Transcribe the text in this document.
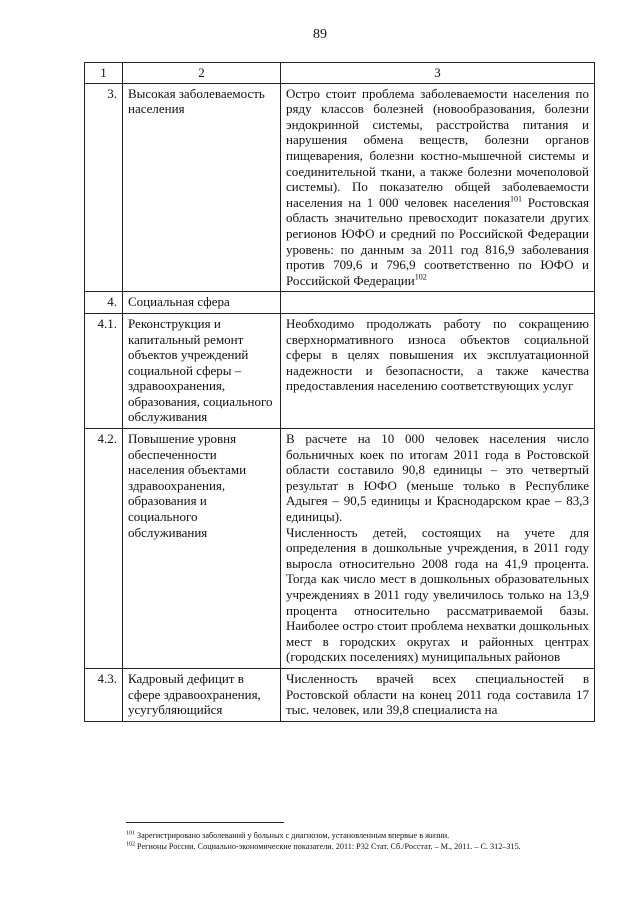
89
1	2	3
3.	Высокая заболеваемость населения	Остро стоит проблема заболеваемости населения по ряду классов болезней (новообразования, болезни эндокринной системы, расстройства питания и нарушения обмена веществ, болезни органов пищеварения, болезни костно-мышечной системы и соединительной ткани, а также болезни мочеполовой системы). По показателю общей заболеваемости населения на 1 000 человек населения$^{101}$ Ростовская область значительно превосходит показатели других регионов ЮФО и средний по Российской Федерации уровень: по данным за 2011 год 816,9 заболевания против 709,6 и 796,9 соответственно по ЮФО и Российской Федерации$^{102}$
4.	Социальная сфера	
4.1.	Реконструкция и капитальный ремонт объектов учреждений социальной сферы – здравоохранения, образования, социального обслуживания	Необходимо продолжать работу по сокращению сверхнормативного износа объектов социальной сферы в целях повышения их эксплуатационной надежности и безопасности, а также качества предоставления населению соответствующих услуг
4.2.	Повышение уровня обеспеченности населения объектами здравоохранения, образования и социального обслуживания	В расчете на 10 000 человек населения число больничных коек по итогам 2011 года в Ростовской области составило 90,8 единицы – это четвертый результат в ЮФО (меньше только в Республике Адыгея – 90,5 единицы и Краснодарском крае – 83,3 единицы).

Численность детей, состоящих на учете для определения в дошкольные учреждения, в 2011 году выросла относительно 2008 года на 41,9 процента. Тогда как число мест в дошкольных образовательных учреждениях в 2011 году увеличилось только на 13,9 процента относительно рассматриваемой базы. Наиболее остро стоит проблема нехватки дошкольных мест в городских округах и районных центрах (городских поселениях) муниципальных районов

4.3.	Кадровый дефицит в сфере здравоохранения, усугубляющийся	Численность врачей всех специальностей в Ростовской области на конец 2011 года составила 17 тыс. человек, или 39,8 специалиста на
$^{101}$ Зарегистрировано заболеваний у больных с диагнозом, установленным впервые в жизни.
$^{102}$ Регионы России. Социально-экономические показатели. 2011: Р32 Стат. Сб./Росстат. – М., 2011. – С. 312–315.
